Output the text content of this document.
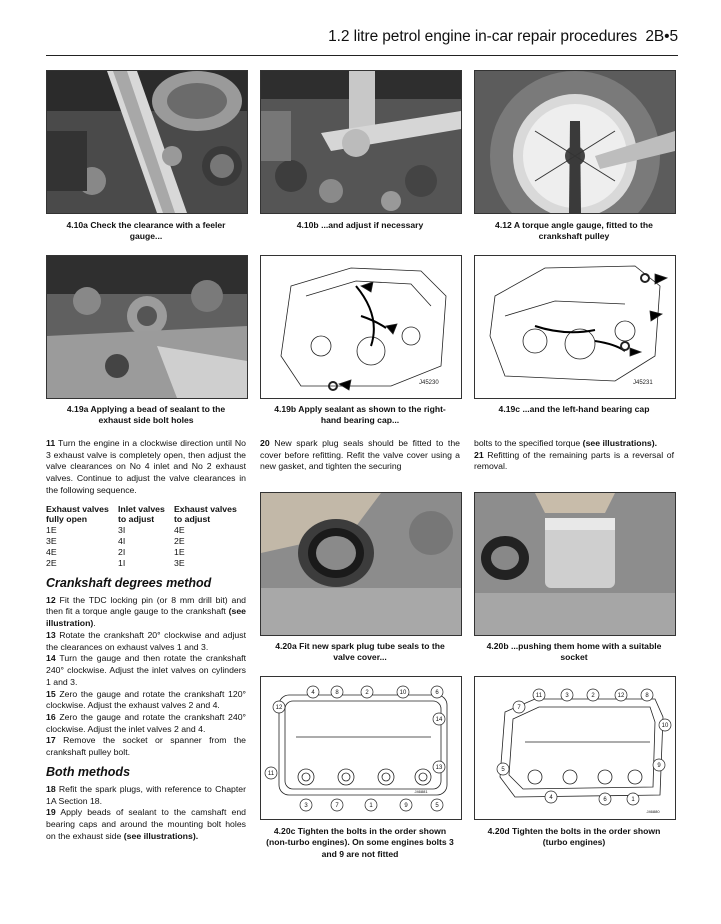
1.2 litre petrol engine in-car repair procedures 2B•5
4.10a Check the clearance with a feeler gauge...
4.10b ...and adjust if necessary	4.12 A torque angle gauge, fitted to the crankshaft pulley
J45230	J45231
4.19a Applying a bead of sealant to the exhaust side bolt holes
4.19b Apply sealant as shown to the right-hand bearing cap...
4.19c ...and the left-hand bearing cap

11 Turn the engine in a clockwise direction until No 3 exhaust valve is completely open, then adjust the valve clearances on No 4 inlet and No 2 exhaust valves. Continue to adjust the valve clearances in the following sequence.

Exhaust valves fully open	Inlet valves to adjust	Exhaust valves to adjust
1E	3I	4E
3E	4I	2E
4E	2I	1E
2E	1I	3E
Crankshaft degrees method

12 Fit the TDC locking pin (or 8 mm drill bit) and then fit a torque angle gauge to the crankshaft (see illustration).

13 Rotate the crankshaft 20° clockwise and adjust the clearances on exhaust valves 1 and 3.

14 Turn the gauge and then rotate the crankshaft 240° clockwise. Adjust the inlet valves on cylinders 1 and 3.

15 Zero the gauge and rotate the crankshaft 120° clockwise. Adjust the exhaust valves 2 and 4.

16 Zero the gauge and rotate the crankshaft 240° clockwise. Adjust the inlet valves 2 and 4.

17 Remove the socket or spanner from the crankshaft pulley bolt.

Both methods

18 Refit the spark plugs, with reference to Chapter 1A Section 18.

19 Apply beads of sealant to the camshaft end bearing caps and around the mounting bolt holes on the exhaust side (see illustrations).

20 New spark plug seals should be fitted to the cover before refitting. Refit the valve cover using a new gasket, and tighten the securing

bolts to the specified torque (see illustrations).

21 Refitting of the remaining parts is a reversal of removal.

4.20a Fit new spark plug tube seals to the valve cover...
4.20b ...pushing them home with a suitable socket
4	8	2	10	6
12
14
13
11
3	7	1	9	5
J46881
11	3	2	12	8
7
10
9
4	6	1
5
J46880
4.20c Tighten the bolts in the order shown (non-turbo engines). On some engines bolts 3 and 9 are not fitted
4.20d Tighten the bolts in the order shown (turbo engines)
